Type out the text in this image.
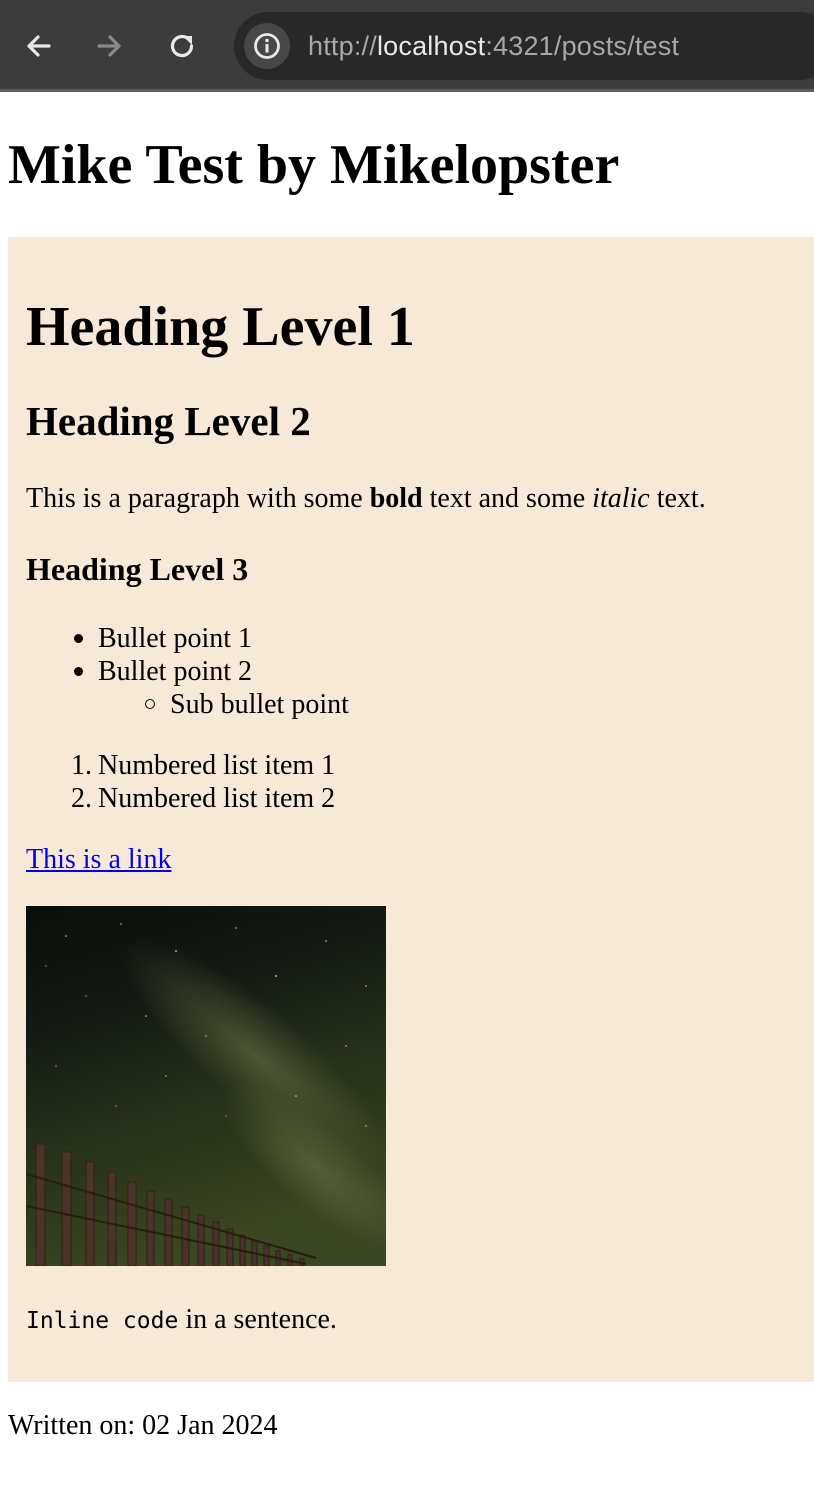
http://localhost:4321/posts/test
Mike Test by Mikelopster
Heading Level 1
Heading Level 2

This is a paragraph with some bold text and some italic text.

Heading Level 3
Bullet point 1
Bullet point 2
Sub bullet point
1. Numbered list item 1
2. Numbered list item 2
This is a link

Inline code in a sentence.

Written on: 02 Jan 2024
